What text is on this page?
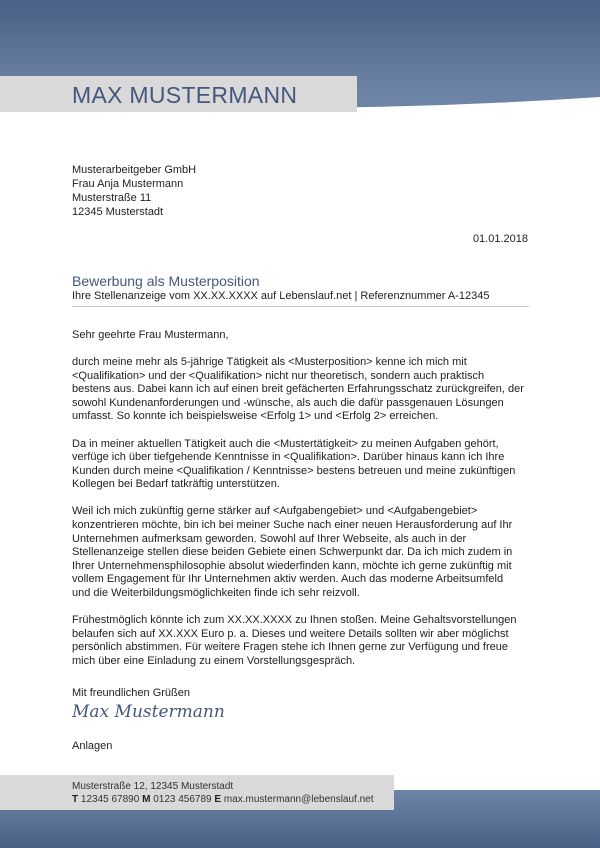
MAX MUSTERMANN
Musterarbeitgeber GmbH
Frau Anja Mustermann
Musterstraße 11
12345 Musterstadt
01.01.2018
Bewerbung als Musterposition
Ihre Stellenanzeige vom XX.XX.XXXX auf Lebenslauf.net | Referenznummer A-12345

Sehr geehrte Frau Mustermann,

durch meine mehr als 5-jährige Tätigkeit als <Musterposition> kenne ich mich mit
<Qualifikation> und der <Qualifikation> nicht nur theoretisch, sondern auch praktisch
bestens aus. Dabei kann ich auf einen breit gefächerten Erfahrungsschatz zurückgreifen, der
sowohl Kundenanforderungen und -wünsche, als auch die dafür passgenauen Lösungen
umfasst. So konnte ich beispielsweise <Erfolg 1> und <Erfolg 2> erreichen.

Da in meiner aktuellen Tätigkeit auch die <Mustertätigkeit> zu meinen Aufgaben gehört,
verfüge ich über tiefgehende Kenntnisse in <Qualifikation>. Darüber hinaus kann ich Ihre
Kunden durch meine <Qualifikation / Kenntnisse> bestens betreuen und meine zukünftigen
Kollegen bei Bedarf tatkräftig unterstützen.

Weil ich mich zukünftig gerne stärker auf <Aufgabengebiet> und <Aufgabengebiet>
konzentrieren möchte, bin ich bei meiner Suche nach einer neuen Herausforderung auf Ihr
Unternehmen aufmerksam geworden. Sowohl auf Ihrer Webseite, als auch in der
Stellenanzeige stellen diese beiden Gebiete einen Schwerpunkt dar. Da ich mich zudem in
Ihrer Unternehmensphilosophie absolut wiederfinden kann, möchte ich gerne zukünftig mit
vollem Engagement für Ihr Unternehmen aktiv werden. Auch das moderne Arbeitsumfeld
und die Weiterbildungsmöglichkeiten finde ich sehr reizvoll.

Frühestmöglich könnte ich zum XX.XX.XXXX zu Ihnen stoßen. Meine Gehaltsvorstellungen
belaufen sich auf XX.XXX Euro p. a. Dieses und weitere Details sollten wir aber möglichst
persönlich abstimmen. Für weitere Fragen stehe ich Ihnen gerne zur Verfügung und freue
mich über eine Einladung zu einem Vorstellungsgespräch.

Mit freundlichen Grüßen
Max Mustermann
Anlagen
Musterstraße 12, 12345 Musterstadt
T 12345 67890 M 0123 456789 E max.mustermann@lebenslauf.net
